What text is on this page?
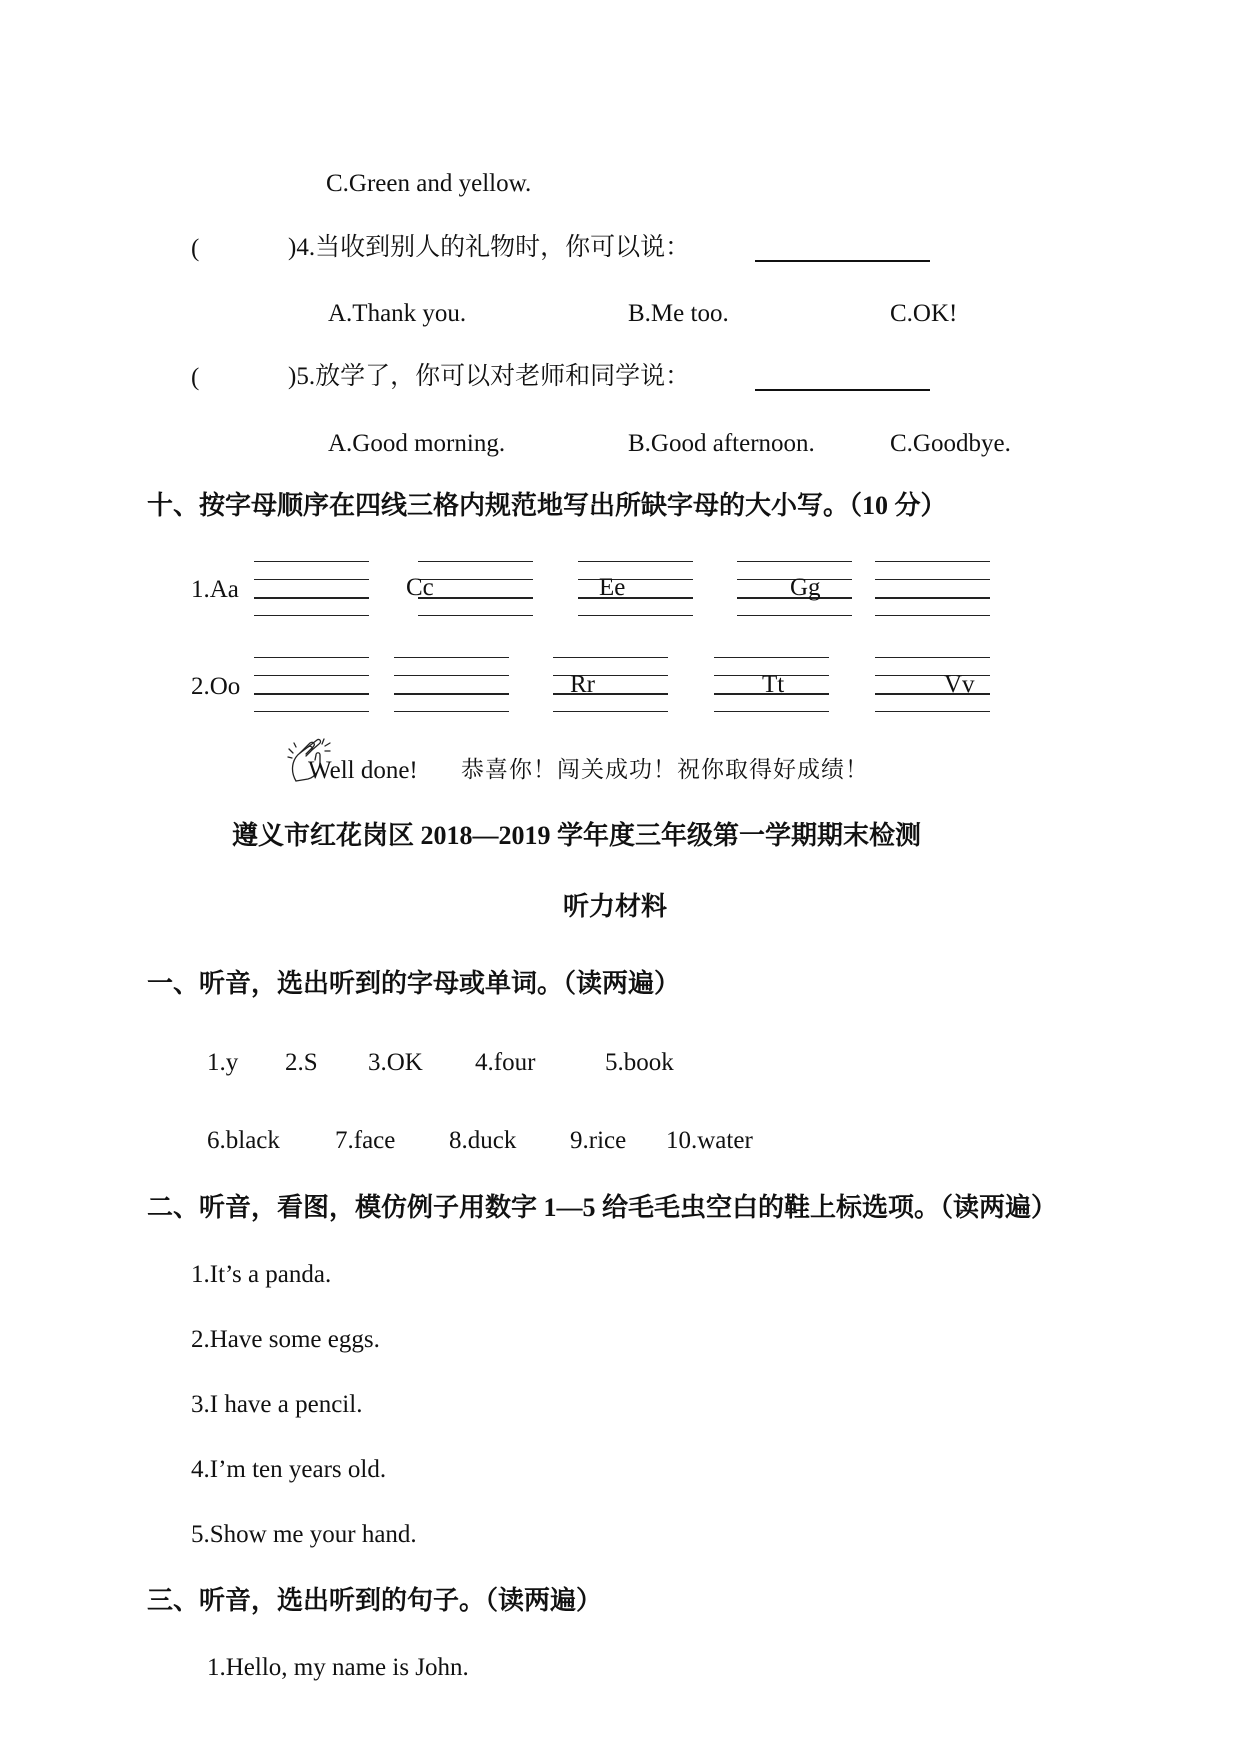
C.Green and yellow.
(	)4.当收到别人的礼物时，你可以说：
A.Thank you.	B.Me too.	C.OK!
(	)5.放学了，你可以对老师和同学说：
A.Good morning.	B.Good afternoon.	C.Goodbye.
十、按字母顺序在四线三格内规范地写出所缺字母的大小写。（10 分）
1.Aa	Cc	Ee	Gg
2.Oo	Rr	Tt	Vv
Well done! 恭喜你！闯关成功！祝你取得好成绩！
遵义市红花岗区 2018—2019 学年度三年级第一学期期末检测
听力材料
一、听音，选出听到的字母或单词。（读两遍）
1.y 2.S 3.OK 4.four	5.book
6.black 7.face 8.duck 9.rice 10.water
二、听音，看图，模仿例子用数字 1—5 给毛毛虫空白的鞋上标选项。（读两遍）
1.It’s a panda.
2.Have some eggs.
3.I have a pencil.
4.I’m ten years old.
5.Show me your hand.
三、听音，选出听到的句子。（读两遍）
1.Hello, my name is John.
